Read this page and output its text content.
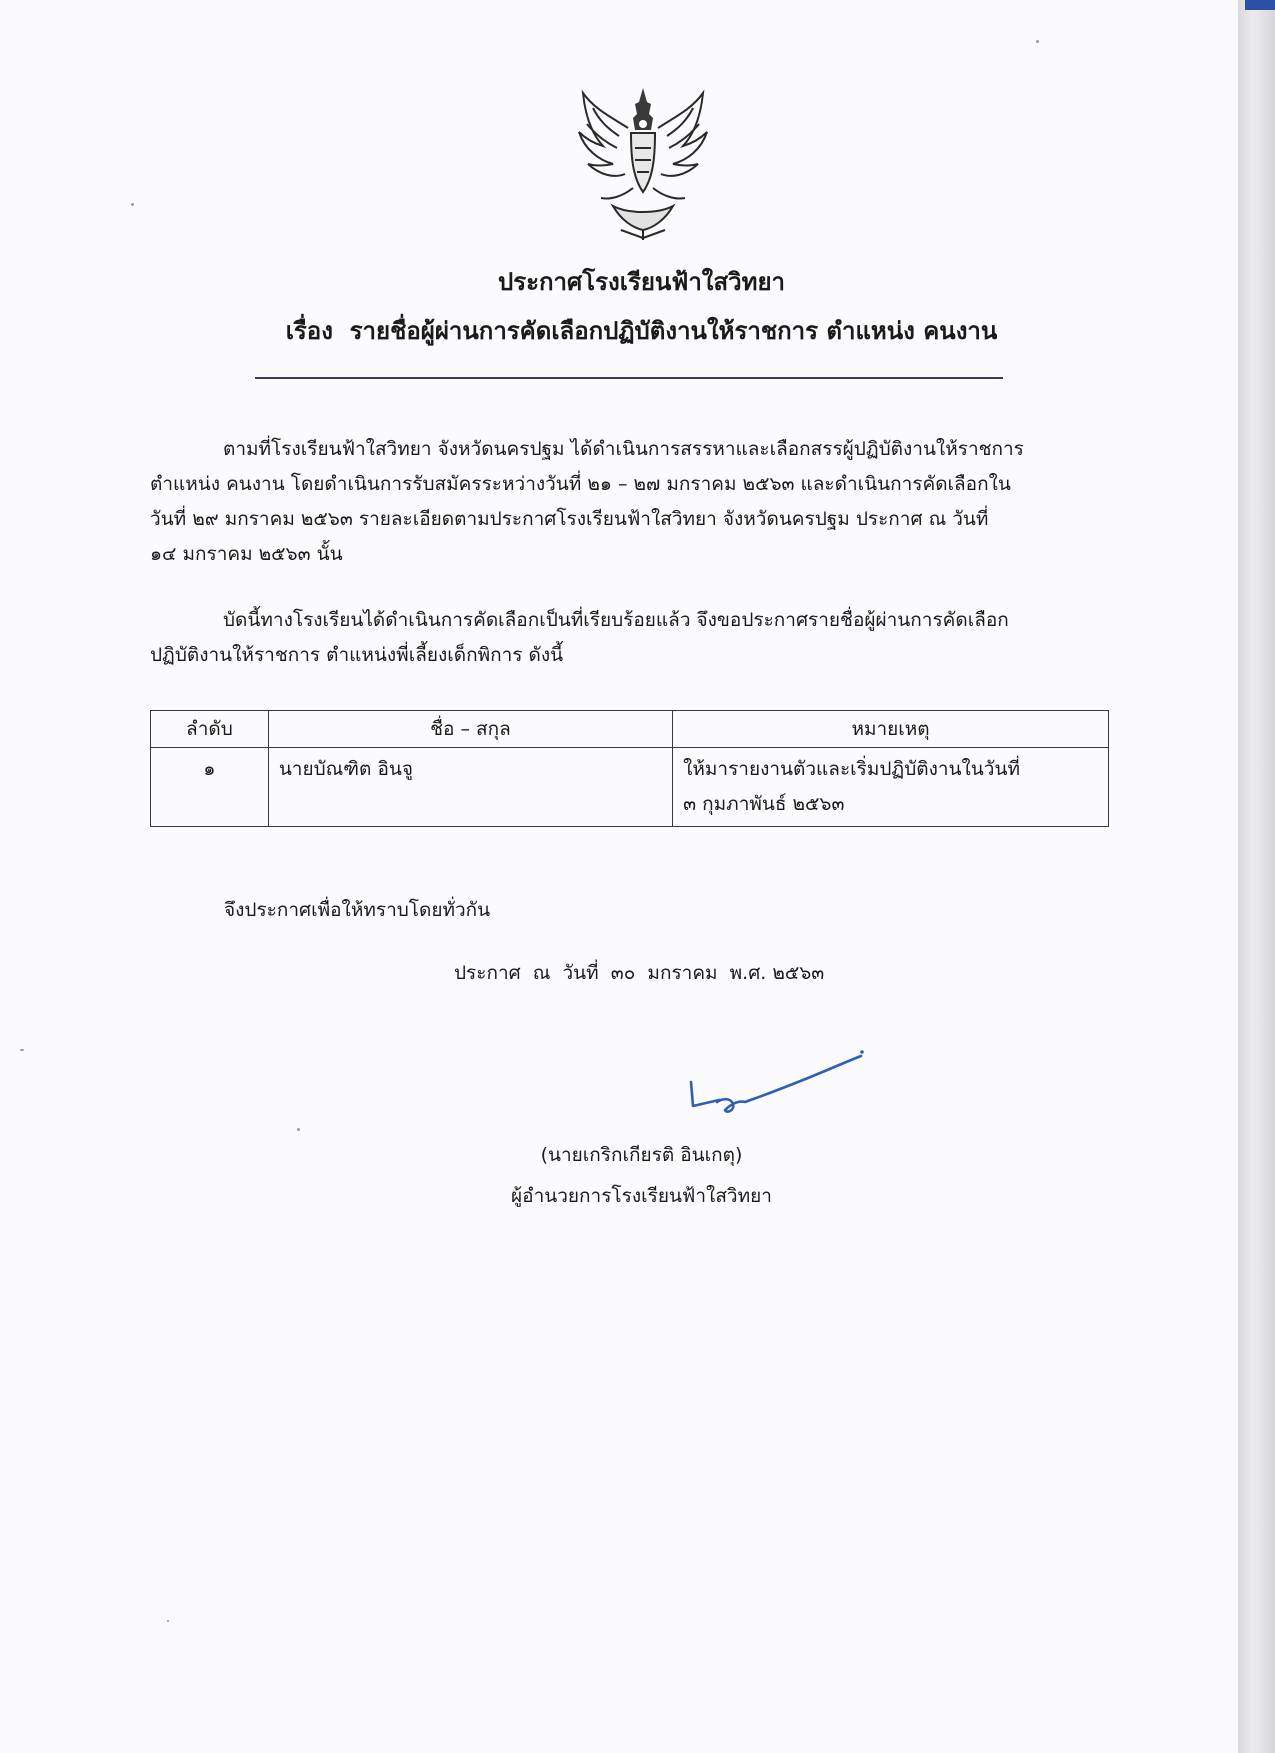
ประกาศโรงเรียนฟ้าใสวิทยา
เรื่อง  รายชื่อผู้ผ่านการคัดเลือกปฏิบัติงานให้ราชการ ตำแหน่ง คนงาน
ตามที่โรงเรียนฟ้าใสวิทยา จังหวัดนครปฐม ได้ดำเนินการสรรหาและเลือกสรรผู้ปฏิบัติงานให้ราชการ
ตำแหน่ง คนงาน โดยดำเนินการรับสมัครระหว่างวันที่ ๒๑ – ๒๗ มกราคม ๒๕๖๓ และดำเนินการคัดเลือกใน
วันที่ ๒๙ มกราคม ๒๕๖๓ รายละเอียดตามประกาศโรงเรียนฟ้าใสวิทยา จังหวัดนครปฐม ประกาศ ณ วันที่
๑๔ มกราคม ๒๕๖๓ นั้น
บัดนี้ทางโรงเรียนได้ดำเนินการคัดเลือกเป็นที่เรียบร้อยแล้ว จึงขอประกาศรายชื่อผู้ผ่านการคัดเลือก
ปฏิบัติงานให้ราชการ ตำแหน่งพี่เลี้ยงเด็กพิการ ดังนี้
ลำดับ	ชื่อ – สกุล	หมายเหตุ
๑	นายบัณฑิต อินจู	ให้มารายงานตัวและเริ่มปฏิบัติงานในวันที่
๓ กุมภาพันธ์ ๒๕๖๓
จึงประกาศเพื่อให้ทราบโดยทั่วกัน
ประกาศ  ณ  วันที่  ๓๐  มกราคม  พ.ศ. ๒๕๖๓
(นายเกริกเกียรติ อินเกตุ)
ผู้อำนวยการโรงเรียนฟ้าใสวิทยา
